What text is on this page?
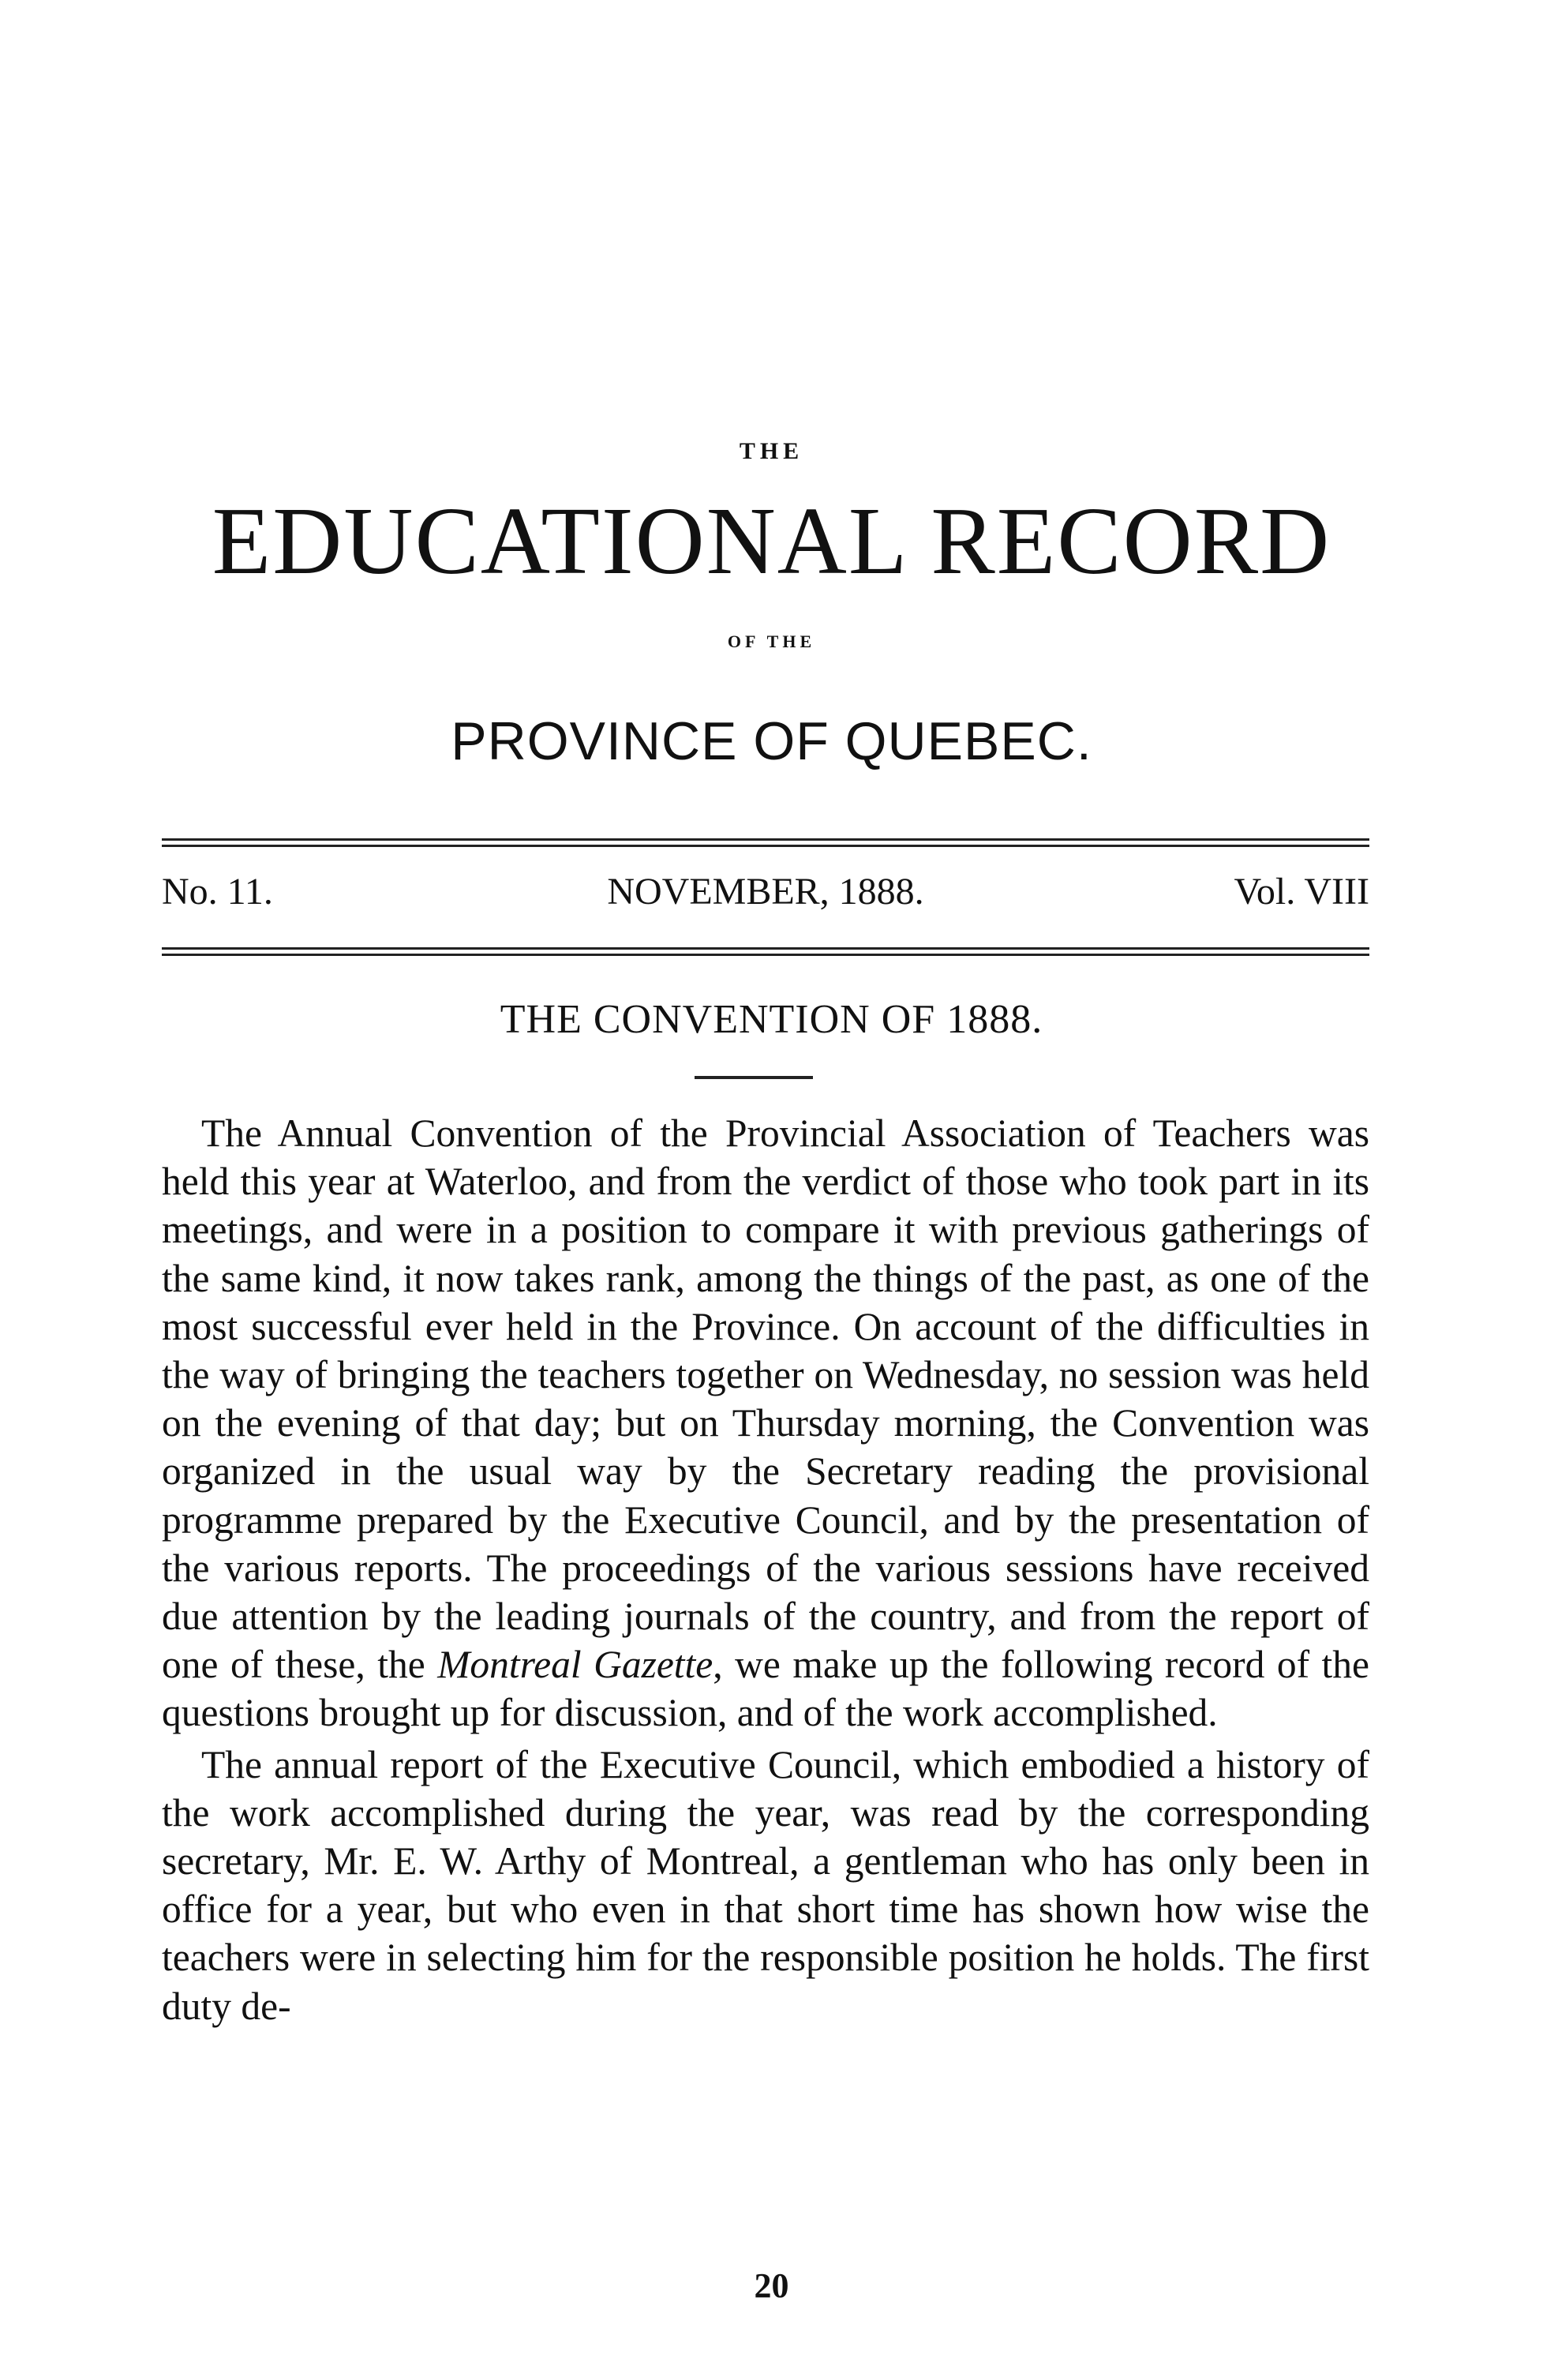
THE
EDUCATIONAL RECORD
OF THE
PROVINCE OF QUEBEC.
No. 11.	NOVEMBER, 1888.	Vol. VIII
THE CONVENTION OF 1888.

The Annual Convention of the Provincial Association of Teachers was held this year at Waterloo, and from the verdict of those who took part in its meetings, and were in a position to compare it with previous gatherings of the same kind, it now takes rank, among the things of the past, as one of the most successful ever held in the Province. On account of the difficulties in the way of bringing the teachers together on Wednesday, no session was held on the evening of that day; but on Thursday morning, the Convention was organized in the usual way by the Secretary reading the provisional programme prepared by the Executive Council, and by the presentation of the various reports. The proceedings of the various sessions have received due attention by the leading journals of the country, and from the report of one of these, the Montreal Gazette, we make up the following record of the questions brought up for discussion, and of the work accomplished.

The annual report of the Executive Council, which embodied a history of the work accomplished during the year, was read by the corresponding secretary, Mr. E. W. Arthy of Montreal, a gentleman who has only been in office for a year, but who even in that short time has shown how wise the teachers were in selecting him for the responsible position he holds. The first duty de-

20
